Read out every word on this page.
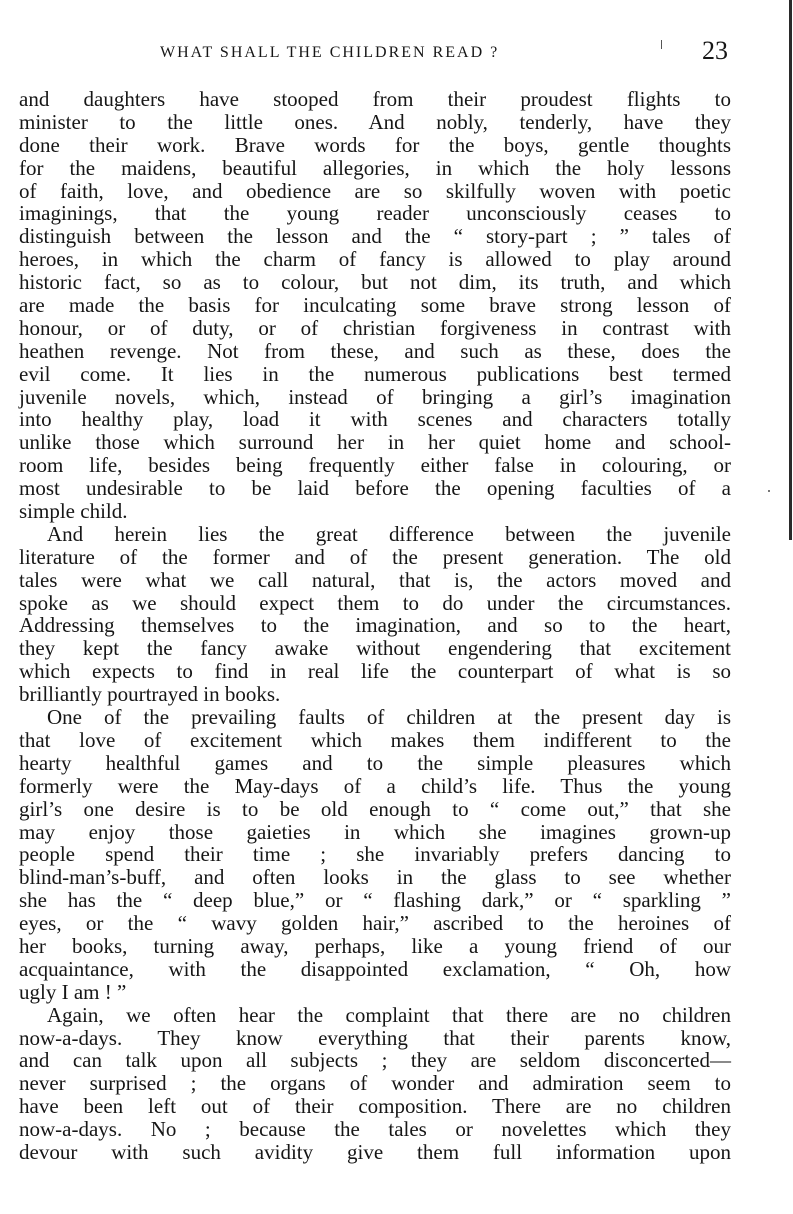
WHAT SHALL THE CHILDREN READ ?	23
and daughters have stooped from their proudest flights to
minister to the little ones. And nobly, tenderly, have they
done their work. Brave words for the boys, gentle thoughts
for the maidens, beautiful allegories, in which the holy lessons
of faith, love, and obedience are so skilfully woven with poetic
imaginings, that the young reader unconsciously ceases to
distinguish between the lesson and the “ story-part ; ” tales of
heroes, in which the charm of fancy is allowed to play around
historic fact, so as to colour, but not dim, its truth, and which
are made the basis for inculcating some brave strong lesson of
honour, or of duty, or of christian forgiveness in contrast with
heathen revenge. Not from these, and such as these, does the
evil come. It lies in the numerous publications best termed
juvenile novels, which, instead of bringing a girl’s imagination
into healthy play, load it with scenes and characters totally
unlike those which surround her in her quiet home and school-
room life, besides being frequently either false in colouring, or
most undesirable to be laid before the opening faculties of a
simple child.
And herein lies the great difference between the juvenile
literature of the former and of the present generation. The old
tales were what we call natural, that is, the actors moved and
spoke as we should expect them to do under the circumstances.
Addressing themselves to the imagination, and so to the heart,
they kept the fancy awake without engendering that excitement
which expects to find in real life the counterpart of what is so
brilliantly pourtrayed in books.
One of the prevailing faults of children at the present day is
that love of excitement which makes them indifferent to the
hearty healthful games and to the simple pleasures which
formerly were the May-days of a child’s life. Thus the young
girl’s one desire is to be old enough to “ come out,” that she
may enjoy those gaieties in which she imagines grown-up
people spend their time ; she invariably prefers dancing to
blind-man’s-buff, and often looks in the glass to see whether
she has the “ deep blue,” or “ flashing dark,” or “ sparkling ”
eyes, or the “ wavy golden hair,” ascribed to the heroines of
her books, turning away, perhaps, like a young friend of our
acquaintance, with the disappointed exclamation, “ Oh, how
ugly I am ! ”
Again, we often hear the complaint that there are no children
now-a-days. They know everything that their parents know,
and can talk upon all subjects ; they are seldom disconcerted—
never surprised ; the organs of wonder and admiration seem to
have been left out of their composition. There are no children
now-a-days. No ; because the tales or novelettes which they
devour with such avidity give them full information upon
